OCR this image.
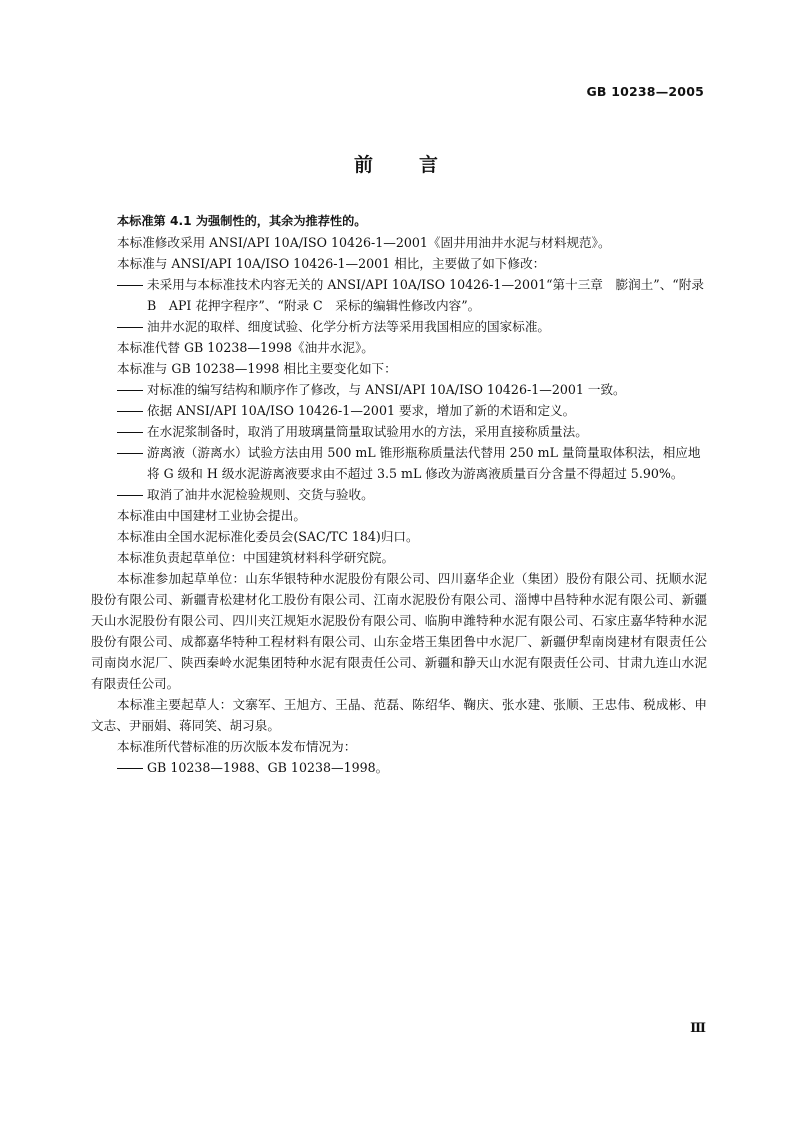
GB 10238—2005
前 言

本标准第 4.1 为强制性的，其余为推荐性的。

本标准修改采用 ANSI/API 10A/ISO 10426-1—2001《固井用油井水泥与材料规范》。

本标准与 ANSI/API 10A/ISO 10426-1—2001 相比，主要做了如下修改：

未采用与本标准技术内容无关的 ANSI/API 10A/ISO 10426-1—2001“第十三章　膨润土”、“附录 B　API 花押字程序”、“附录 C　采标的编辑性修改内容”。

油井水泥的取样、细度试验、化学分析方法等采用我国相应的国家标准。

本标准代替 GB 10238—1998《油井水泥》。

本标准与 GB 10238—1998 相比主要变化如下：

对标准的编写结构和顺序作了修改，与 ANSI/API 10A/ISO 10426-1—2001 一致。

依据 ANSI/API 10A/ISO 10426-1—2001 要求，增加了新的术语和定义。

在水泥浆制备时，取消了用玻璃量筒量取试验用水的方法，采用直接称质量法。

游离液（游离水）试验方法由用 500 mL 锥形瓶称质量法代替用 250 mL 量筒量取体积法，相应地将 G 级和 H 级水泥游离液要求由不超过 3.5 mL 修改为游离液质量百分含量不得超过 5.90%。

取消了油井水泥检验规则、交货与验收。

本标准由中国建材工业协会提出。

本标准由全国水泥标准化委员会(SAC/TC 184)归口。

本标准负责起草单位：中国建筑材料科学研究院。

本标准参加起草单位：山东华银特种水泥股份有限公司、四川嘉华企业（集团）股份有限公司、抚顺水泥股份有限公司、新疆青松建材化工股份有限公司、江南水泥股份有限公司、淄博中昌特种水泥有限公司、新疆天山水泥股份有限公司、四川夹江规矩水泥股份有限公司、临朐申潍特种水泥有限公司、石家庄嘉华特种水泥股份有限公司、成都嘉华特种工程材料有限公司、山东金塔王集团鲁中水泥厂、新疆伊犁南岗建材有限责任公司南岗水泥厂、陕西秦岭水泥集团特种水泥有限责任公司、新疆和静天山水泥有限责任公司、甘肃九连山水泥有限责任公司。

本标准主要起草人：文寨军、王旭方、王晶、范磊、陈绍华、鞠庆、张水建、张顺、王忠伟、税成彬、申文志、尹丽娟、蒋同笑、胡习泉。

本标准所代替标准的历次版本发布情况为：

GB 10238—1988、GB 10238—1998。

Ⅲ
